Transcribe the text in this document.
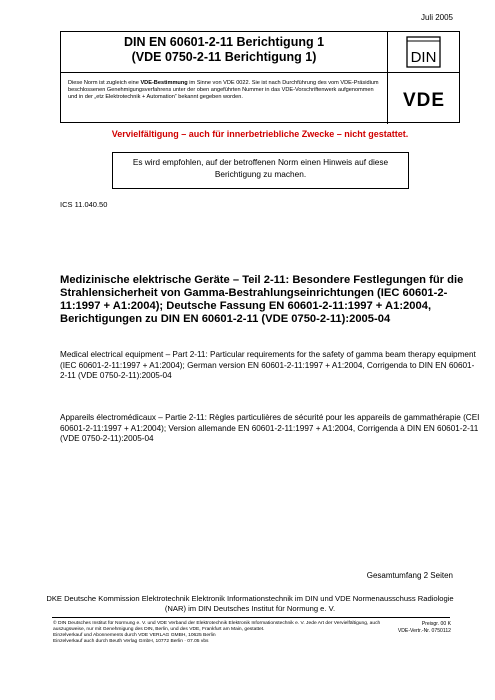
Juli 2005
DIN EN 60601-2-11 Berichtigung 1
(VDE 0750-2-11 Berichtigung 1)
Diese Norm ist zugleich eine VDE-Bestimmung im Sinne von VDE 0022. Sie ist nach Durchführung des vom VDE-Präsidium beschlossenen Genehmigungsverfahrens unter der oben angeführten Nummer in das VDE-Vorschriftenwerk aufgenommen und in der „etz Elektrotechnik + Automation“ bekannt gegeben worden.
DIN
VDE
Vervielfältigung – auch für innerbetriebliche Zwecke – nicht gestattet.
Es wird empfohlen, auf der betroffenen Norm einen Hinweis auf diese Berichtigung zu machen.
ICS 11.040.50
Medizinische elektrische Geräte – Teil 2-11: Besondere Festlegungen für die Strahlensicherheit von Gamma-Bestrahlungseinrichtungen (IEC 60601-2-11:1997 + A1:2004); Deutsche Fassung EN 60601-2-11:1997 + A1:2004, Berichtigungen zu DIN EN 60601-2-11 (VDE 0750-2-11):2005-04
Medical electrical equipment – Part 2-11: Particular requirements for the safety of gamma beam therapy equipment (IEC 60601-2-11:1997 + A1:2004); German version EN 60601-2-11:1997 + A1:2004, Corrigenda to DIN EN 60601-2-11 (VDE 0750-2-11):2005-04
Appareils électromédicaux – Partie 2-11: Règles particulières de sécurité pour les appareils de gammathérapie (CEI 60601-2-11:1997 + A1:2004); Version allemande EN 60601-2-11:1997 + A1:2004, Corrigenda à DIN EN 60601-2-11 (VDE 0750-2-11):2005-04
Gesamtumfang 2 Seiten
DKE Deutsche Kommission Elektrotechnik Elektronik Informationstechnik im DIN und VDE Normenausschuss Radiologie (NAR) im DIN Deutsches Institut für Normung e. V.
© DIN Deutsches Institut für Normung e. V. und VDE Verband der Elektrotechnik Elektronik Informationstechnik e. V. Jede Art der Vervielfältigung, auch auszugsweise, nur mit Genehmigung des DIN, Berlin, und des VDE, Frankfurt am Main, gestattet.
Einzelverkauf und Abonnements durch VDE VERLAG GMBH, 10625 Berlin
Einzelverkauf auch durch Beuth Verlag GmbH, 10772 Berlin · 07.05 vbs
Preisgr. 00 K
VDE-Vertr.-Nr. 0750112
